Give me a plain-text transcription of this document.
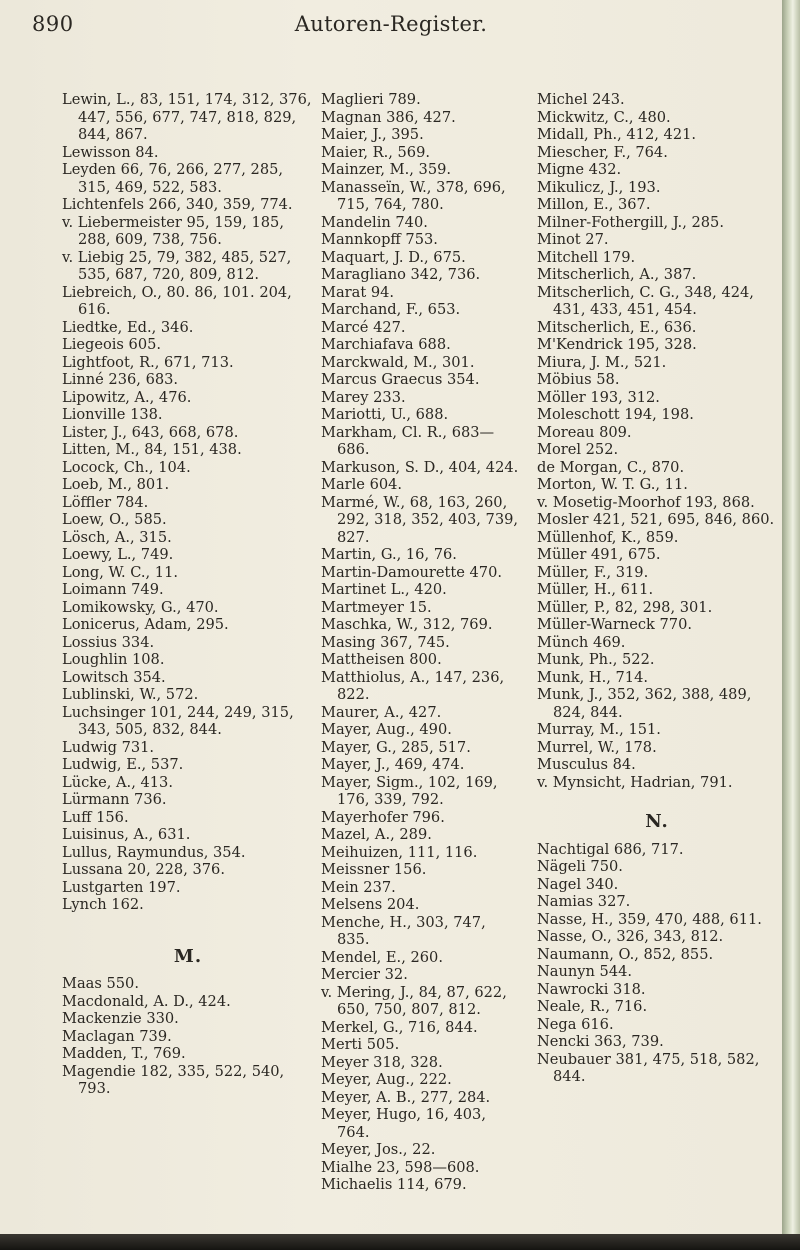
890	Autoren-Register.

Lewin, L., 83, 151, 174, 312, 376, 447, 556, 677, 747, 818, 829, 844, 867.

Lewisson 84.

Leyden 66, 76, 266, 277, 285, 315, 469, 522, 583.

Lichtenfels 266, 340, 359, 774.

v. Liebermeister 95, 159, 185, 288, 609, 738, 756.

v. Liebig 25, 79, 382, 485, 527, 535, 687, 720, 809, 812.

Liebreich, O., 80. 86, 101. 204, 616.

Liedtke, Ed., 346.

Liegeois 605.

Lightfoot, R., 671, 713.

Linné 236, 683.

Lipowitz, A., 476.

Lionville 138.

Lister, J., 643, 668, 678.

Litten, M., 84, 151, 438.

Locock, Ch., 104.

Loeb, M., 801.

Löffler 784.

Loew, O., 585.

Lösch, A., 315.

Loewy, L., 749.

Long, W. C., 11.

Loimann 749.

Lomikowsky, G., 470.

Lonicerus, Adam, 295.

Lossius 334.

Loughlin 108.

Lowitsch 354.

Lublinski, W., 572.

Luchsinger 101, 244, 249, 315, 343, 505, 832, 844.

Ludwig 731.

Ludwig, E., 537.

Lücke, A., 413.

Lürmann 736.

Luff 156.

Luisinus, A., 631.

Lullus, Raymundus, 354.

Lussana 20, 228, 376.

Lustgarten 197.

Lynch 162.

M.

Maas 550.

Macdonald, A. D., 424.

Mackenzie 330.

Maclagan 739.

Madden, T., 769.

Magendie 182, 335, 522, 540, 793.

Maglieri 789.

Magnan 386, 427.

Maier, J., 395.

Maier, R., 569.

Mainzer, M., 359.

Manasseïn, W., 378, 696, 715, 764, 780.

Mandelin 740.

Mannkopff 753.

Maquart, J. D., 675.

Maragliano 342, 736.

Marat 94.

Marchand, F., 653.

Marcé 427.

Marchiafava 688.

Marckwald, M., 301.

Marcus Graecus 354.

Marey 233.

Mariotti, U., 688.

Markham, Cl. R., 683—686.

Markuson, S. D., 404, 424.

Marle 604.

Marmé, W., 68, 163, 260, 292, 318, 352, 403, 739, 827.

Martin, G., 16, 76.

Martin-Damourette 470.

Martinet L., 420.

Martmeyer 15.

Maschka, W., 312, 769.

Masing 367, 745.

Mattheisen 800.

Matthiolus, A., 147, 236, 822.

Maurer, A., 427.

Mayer, Aug., 490.

Mayer, G., 285, 517.

Mayer, J., 469, 474.

Mayer, Sigm., 102, 169, 176, 339, 792.

Mayerhofer 796.

Mazel, A., 289.

Meihuizen, 111, 116.

Meissner 156.

Mein 237.

Melsens 204.

Menche, H., 303, 747, 835.

Mendel, E., 260.

Mercier 32.

v. Mering, J., 84, 87, 622, 650, 750, 807, 812.

Merkel, G., 716, 844.

Merti 505.

Meyer 318, 328.

Meyer, Aug., 222.

Meyer, A. B., 277, 284.

Meyer, Hugo, 16, 403, 764.

Meyer, Jos., 22.

Mialhe 23, 598—608.

Michaelis 114, 679.

Michel 243.

Mickwitz, C., 480.

Midall, Ph., 412, 421.

Miescher, F., 764.

Migne 432.

Mikulicz, J., 193.

Millon, E., 367.

Milner-Fothergill, J., 285.

Minot 27.

Mitchell 179.

Mitscherlich, A., 387.

Mitscherlich, C. G., 348, 424, 431, 433, 451, 454.

Mitscherlich, E., 636.

M'Kendrick 195, 328.

Miura, J. M., 521.

Möbius 58.

Möller 193, 312.

Moleschott 194, 198.

Moreau 809.

Morel 252.

de Morgan, C., 870.

Morton, W. T. G., 11.

v. Mosetig-Moorhof 193, 868.

Mosler 421, 521, 695, 846, 860.

Müllenhof, K., 859.

Müller 491, 675.

Müller, F., 319.

Müller, H., 611.

Müller, P., 82, 298, 301.

Müller-Warneck 770.

Münch 469.

Munk, Ph., 522.

Munk, H., 714.

Munk, J., 352, 362, 388, 489, 824, 844.

Murray, M., 151.

Murrel, W., 178.

Musculus 84.

v. Mynsicht, Hadrian, 791.

N.

Nachtigal 686, 717.

Nägeli 750.

Nagel 340.

Namias 327.

Nasse, H., 359, 470, 488, 611.

Nasse, O., 326, 343, 812.

Naumann, O., 852, 855.

Naunyn 544.

Nawrocki 318.

Neale, R., 716.

Nega 616.

Nencki 363, 739.

Neubauer 381, 475, 518, 582, 844.
